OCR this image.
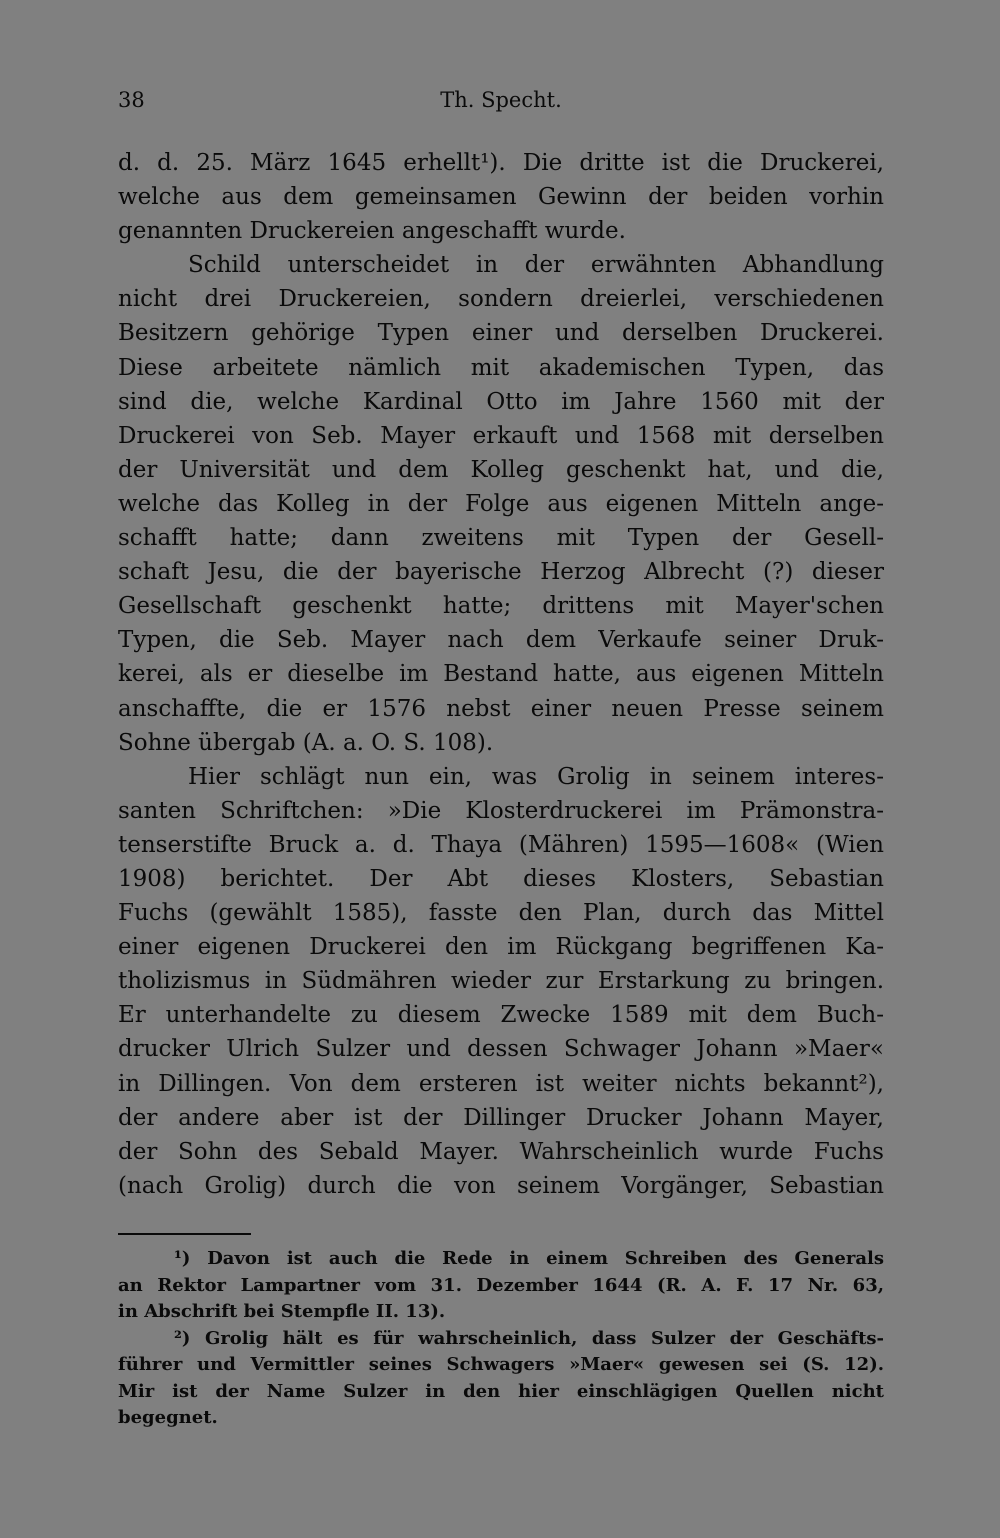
38	Th. Specht.
d. d. 25. März 1645 erhellt¹). Die dritte ist die Druckerei,
welche aus dem gemeinsamen Gewinn der beiden vorhin
genannten Druckereien angeschafft wurde.
Schild unterscheidet in der erwähnten Abhandlung
nicht drei Druckereien, sondern dreierlei, verschiedenen
Besitzern gehörige Typen einer und derselben Druckerei.
Diese arbeitete nämlich mit akademischen Typen, das
sind die, welche Kardinal Otto im Jahre 1560 mit der
Druckerei von Seb. Mayer erkauft und 1568 mit derselben
der Universität und dem Kolleg geschenkt hat, und die,
welche das Kolleg in der Folge aus eigenen Mitteln ange-
schafft hatte; dann zweitens mit Typen der Gesell-
schaft Jesu, die der bayerische Herzog Albrecht (?) dieser
Gesellschaft geschenkt hatte; drittens mit Mayer'schen
Typen, die Seb. Mayer nach dem Verkaufe seiner Druk-
kerei, als er dieselbe im Bestand hatte, aus eigenen Mitteln
anschaffte, die er 1576 nebst einer neuen Presse seinem
Sohne übergab (A. a. O. S. 108).
Hier schlägt nun ein, was Grolig in seinem interes-
santen Schriftchen: »Die Klosterdruckerei im Prämonstra-
tenserstifte Bruck a. d. Thaya (Mähren) 1595—1608« (Wien
1908) berichtet. Der Abt dieses Klosters, Sebastian
Fuchs (gewählt 1585), fasste den Plan, durch das Mittel
einer eigenen Druckerei den im Rückgang begriffenen Ka-
tholizismus in Südmähren wieder zur Erstarkung zu bringen.
Er unterhandelte zu diesem Zwecke 1589 mit dem Buch-
drucker Ulrich Sulzer und dessen Schwager Johann »Maer«
in Dillingen. Von dem ersteren ist weiter nichts bekannt²),
der andere aber ist der Dillinger Drucker Johann Mayer,
der Sohn des Sebald Mayer. Wahrscheinlich wurde Fuchs
(nach Grolig) durch die von seinem Vorgänger, Sebastian
¹) Davon ist auch die Rede in einem Schreiben des Generals
an Rektor Lampartner vom 31. Dezember 1644 (R. A. F. 17 Nr. 63,
in Abschrift bei Stempfle II. 13).
²) Grolig hält es für wahrscheinlich, dass Sulzer der Geschäfts-
führer und Vermittler seines Schwagers »Maer« gewesen sei (S. 12).
Mir ist der Name Sulzer in den hier einschlägigen Quellen nicht
begegnet.
